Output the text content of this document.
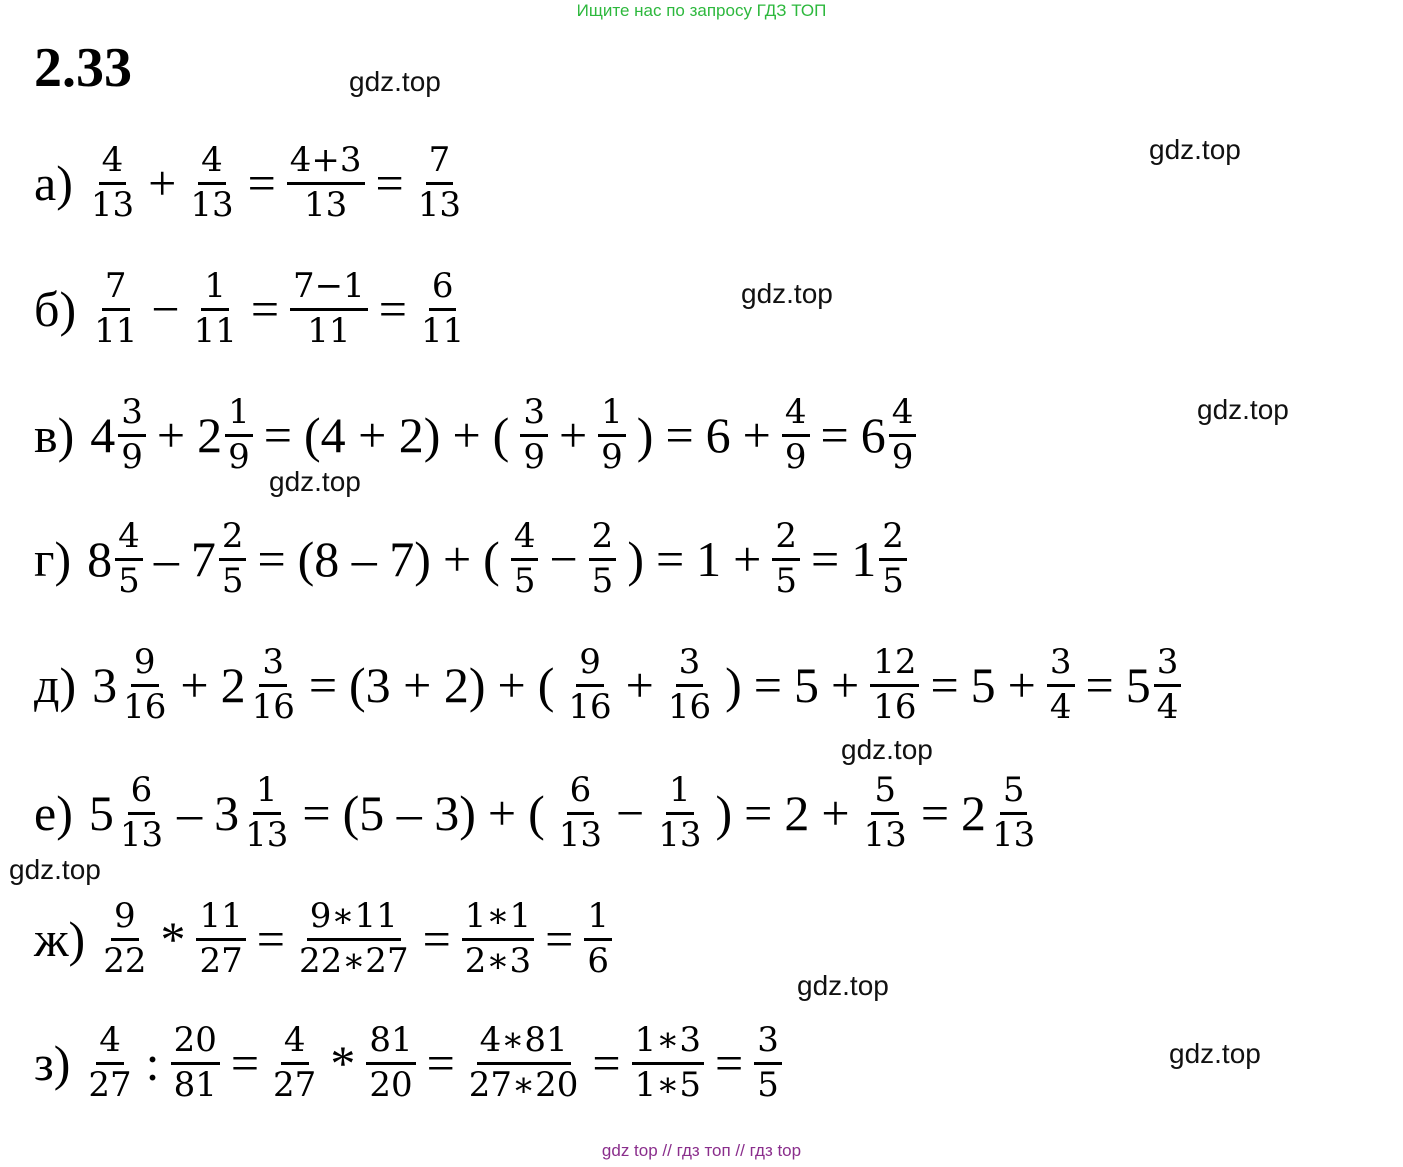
Ищите нас по запросу ГДЗ ТОП
2.33	gdz.top
gdz.top
gdz.top
gdz.top
gdz.top
gdz.top
gdz.top
gdz.top
gdz.top
$а) \frac{4}{13} + \frac{4}{13} = \frac{4+3}{13} = \frac{7}{13}$
$б) \frac{7}{11} - \frac{1}{11} = \frac{7-1}{11} = \frac{6}{11}$
в) $4 \frac{3}{9} + 2 \frac{1}{9} = (4 + 2)$ + ( $\frac{3}{9} + \frac{1}{9}$ ) = $6 + \frac{4}{9} = 6 \frac{4}{9}$
г) $8 \frac{4}{5} - 7 \frac{2}{5} = (8 - 7)$ + ( $\frac{4}{5} - \frac{2}{5}$ ) = $1 + \frac{2}{5} = 1 \frac{2}{5}$
д) $3 \frac{9}{16} + 2 \frac{3}{16} = (3 + 2)$ + ( $\frac{9}{16} + \frac{3}{16}$ ) = $5 + \frac{12}{16} = 5 + \frac{3}{4} = 5 \frac{3}{4}$
е) $5 \frac{6}{13} - 3 \frac{1}{13} = (5 - 3)$ + ( $\frac{6}{13} - \frac{1}{13}$ ) = $2 + \frac{5}{13} = 2 \frac{5}{13}$
$ж) \frac{9}{22} * \frac{11}{27} = \frac{9∗11}{22∗27} = \frac{1∗1}{2∗3} = \frac{1}{6}$
$з) \frac{4}{27}$ : $\frac{20}{81} = \frac{4}{27} * \frac{81}{20} = \frac{4∗81}{27∗20} = \frac{1∗3}{1∗5} = \frac{3}{5}$
gdz top // гдз топ // гдз top
